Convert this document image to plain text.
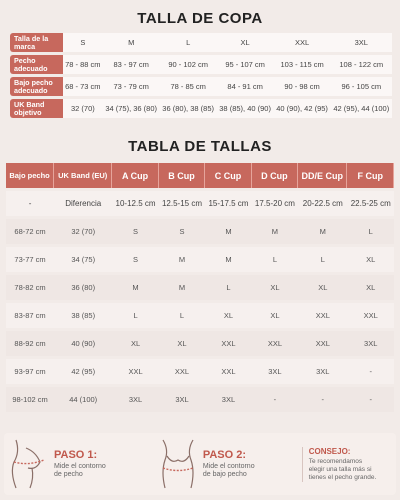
TALLA DE COPA
Talla de la marca	S	M	L	XL	XXL	3XL
Pecho adecuado	78 - 88 cm	83 - 97 cm	90 - 102 cm	95 - 107 cm	103 - 115 cm	108 - 122 cm
Bajo pecho adecuado	68 - 73 cm	73 - 79 cm	78 - 85 cm	84 - 91 cm	90 - 98 cm	96 - 105 cm
UK Band objetivo	32 (70)	34 (75), 36 (80)	36 (80), 38 (85)	38 (85), 40 (90)	40 (90), 42 (95)	42 (95), 44 (100)
TABLA DE TALLAS
Bajo pecho	UK Band (EU)	A Cup	B Cup	C Cup	D Cup	DD/E Cup	F Cup
-	Diferencia	10-12.5 cm	12.5-15 cm	15-17.5 cm	17.5-20 cm	20-22.5 cm	22.5-25 cm
68-72 cm	32 (70)	S	S	M	M	M	L
73-77 cm	34 (75)	S	M	M	L	L	XL
78-82 cm	36 (80)	M	M	L	XL	XL	XL
83-87 cm	38 (85)	L	L	XL	XL	XXL	XXL
88-92 cm	40 (90)	XL	XL	XXL	XXL	XXL	3XL
93-97 cm	42 (95)	XXL	XXL	XXL	3XL	3XL	-
98-102 cm	44 (100)	3XL	3XL	3XL	-	-	-
PASO 1:
Mide el contorno
de pecho
PASO 2:
Mide el contorno
de bajo pecho
CONSEJO:
Te recomendamos
elegir una talla más si
tienes el pecho grande.
